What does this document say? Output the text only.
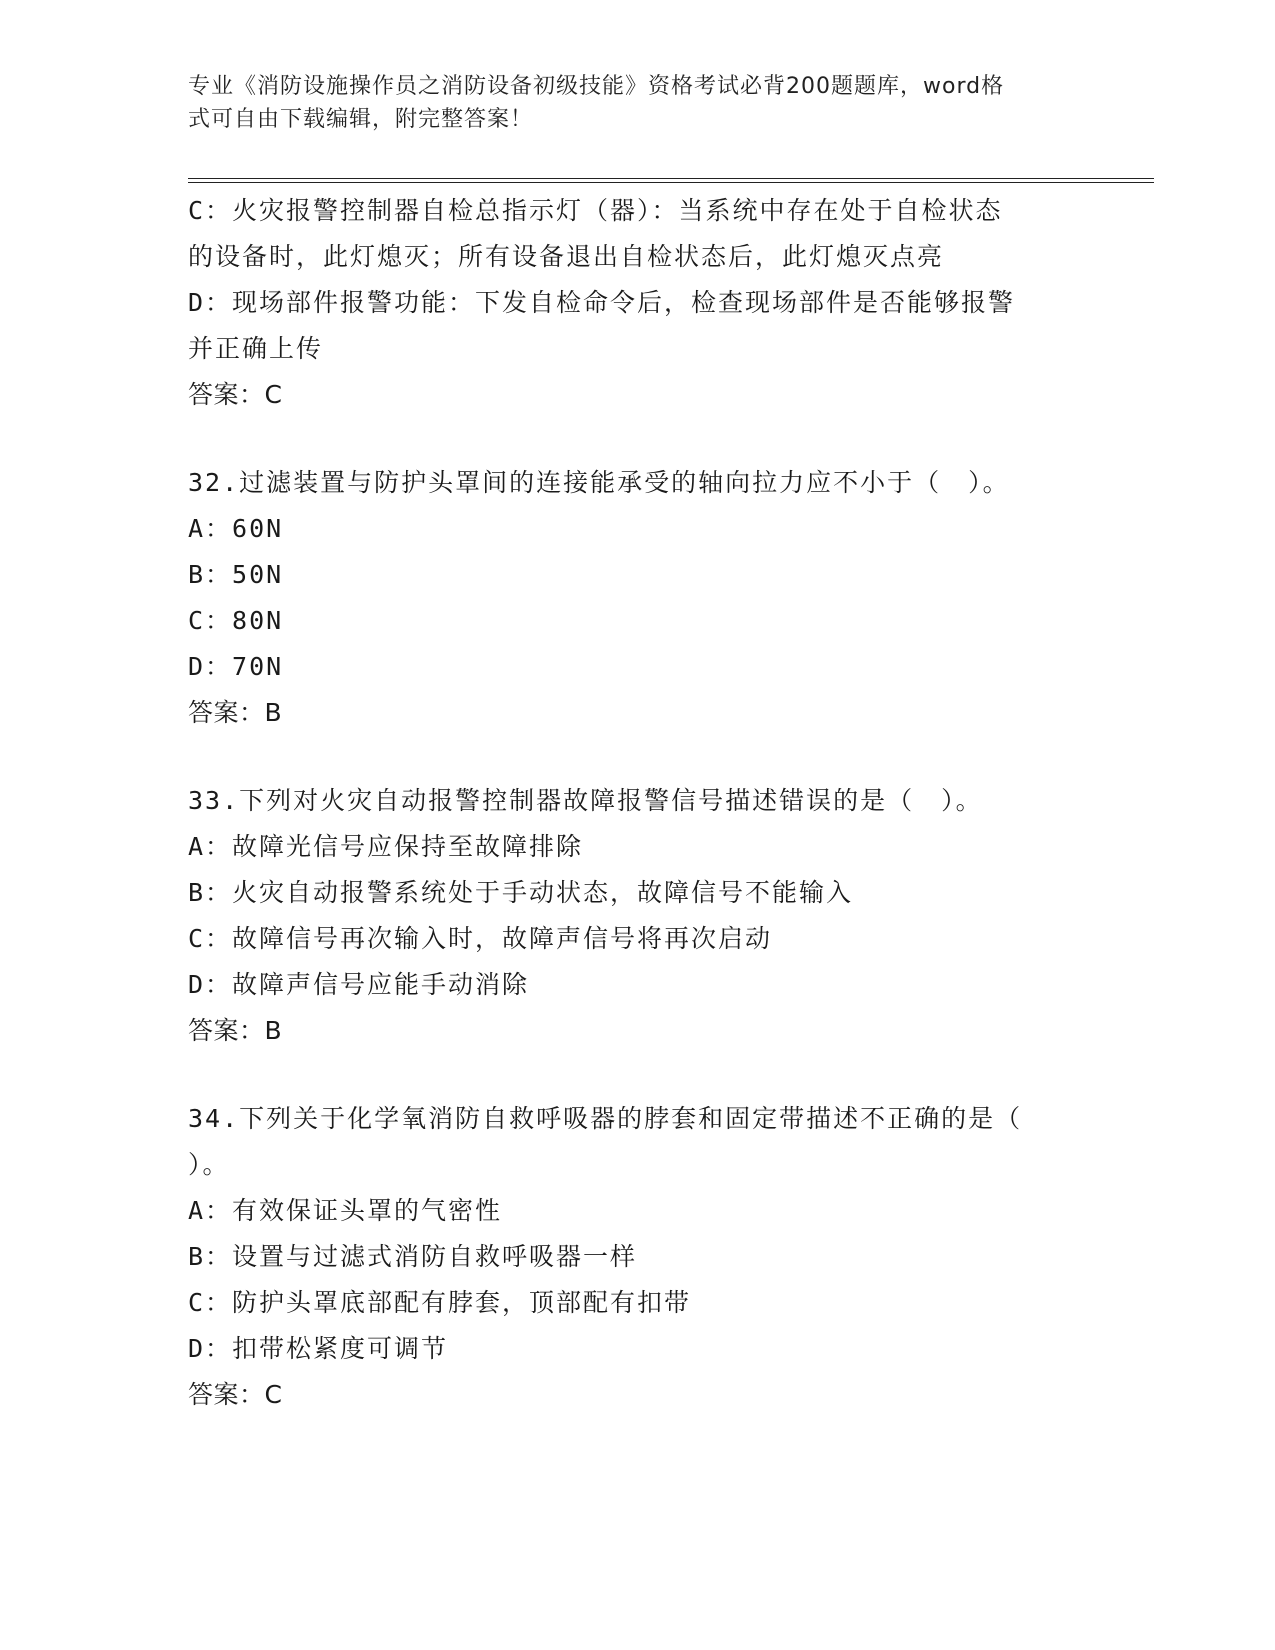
专业《消防设施操作员之消防设备初级技能》资格考试必背200题题库，word格
式可自由下载编辑，附完整答案！
C：火灾报警控制器自检总指示灯（器）：当系统中存在处于自检状态
的设备时，此灯熄灭；所有设备退出自检状态后，此灯熄灭点亮
D：现场部件报警功能：下发自检命令后，检查现场部件是否能够报警
并正确上传
答案：C
32.过滤装置与防护头罩间的连接能承受的轴向拉力应不小于（　）。
A：60N
B：50N
C：80N
D：70N
答案：B
33.下列对火灾自动报警控制器故障报警信号描述错误的是（　）。
A：故障光信号应保持至故障排除
B：火灾自动报警系统处于手动状态，故障信号不能输入
C：故障信号再次输入时，故障声信号将再次启动
D：故障声信号应能手动消除
答案：B
34.下列关于化学氧消防自救呼吸器的脖套和固定带描述不正确的是（
）。
A：有效保证头罩的气密性
B：设置与过滤式消防自救呼吸器一样
C：防护头罩底部配有脖套，顶部配有扣带
D：扣带松紧度可调节
答案：C
